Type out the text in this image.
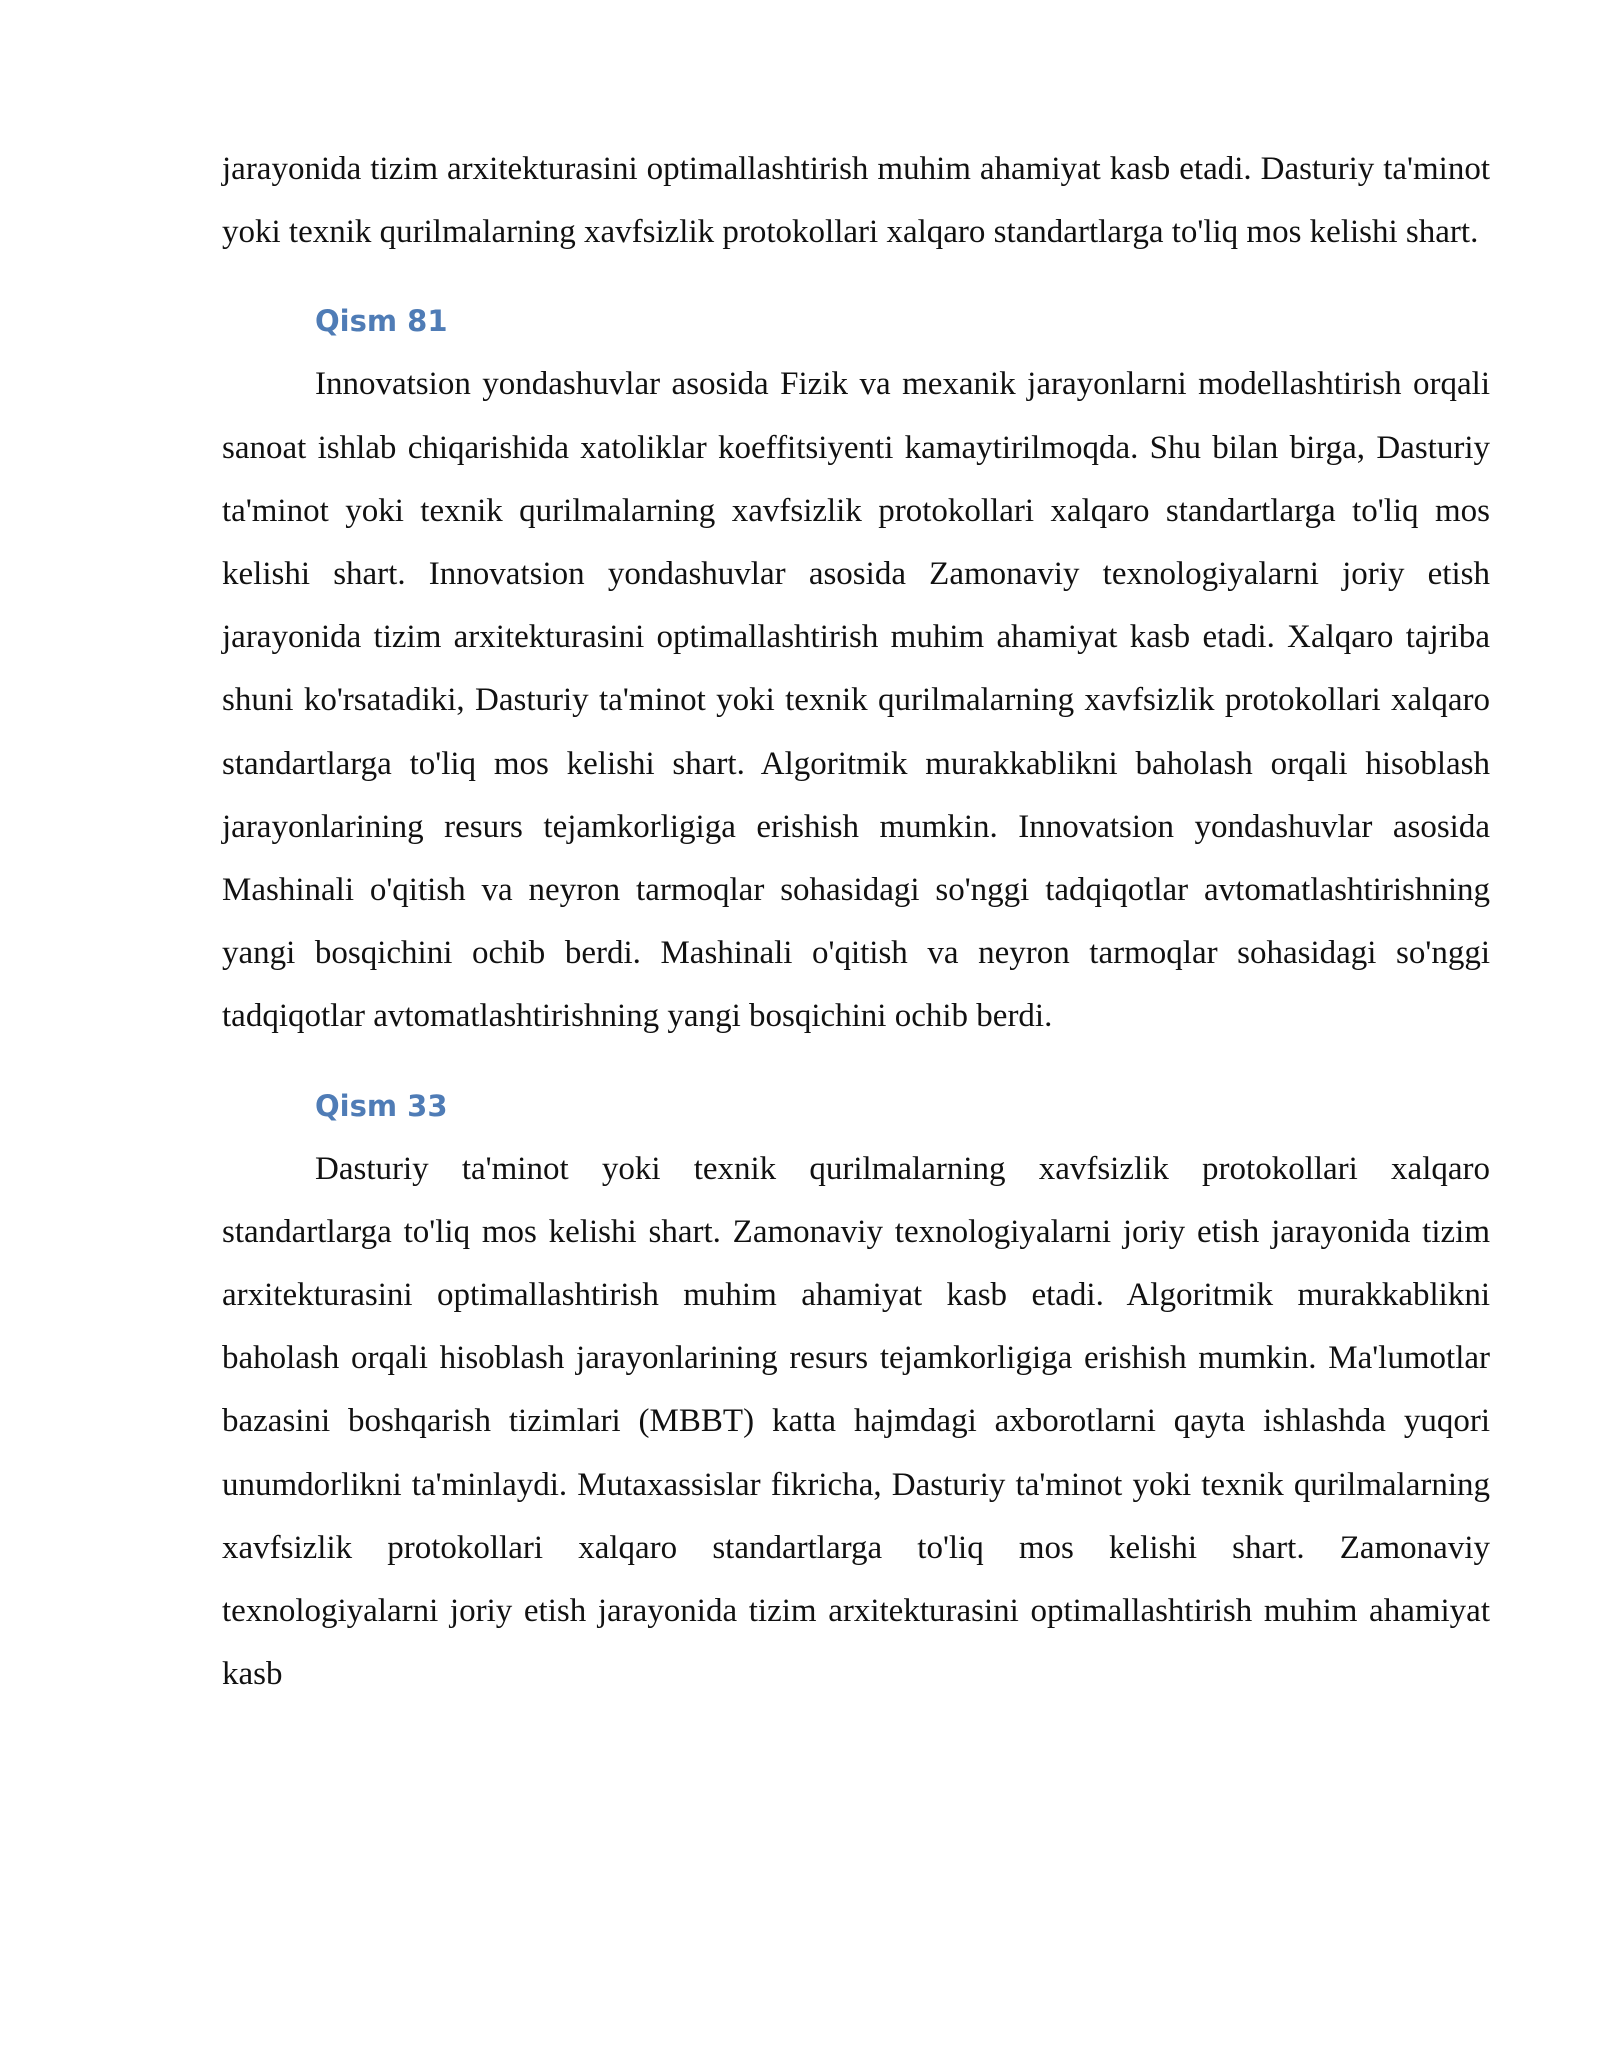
jarayonida tizim arxitekturasini optimallashtirish muhim ahamiyat kasb etadi. Dasturiy ta'minot yoki texnik qurilmalarning xavfsizlik protokollari xalqaro standartlarga to'liq mos kelishi shart.

Qism 81

Innovatsion yondashuvlar asosida Fizik va mexanik jarayonlarni modellashtirish orqali sanoat ishlab chiqarishida xatoliklar koeffitsiyenti kamaytirilmoqda. Shu bilan birga, Dasturiy ta'minot yoki texnik qurilmalarning xavfsizlik protokollari xalqaro standartlarga to'liq mos kelishi shart. Innovatsion yondashuvlar asosida Zamonaviy texnologiyalarni joriy etish jarayonida tizim arxitekturasini optimallashtirish muhim ahamiyat kasb etadi. Xalqaro tajriba shuni ko'rsatadiki, Dasturiy ta'minot yoki texnik qurilmalarning xavfsizlik protokollari xalqaro standartlarga to'liq mos kelishi shart. Algoritmik murakkablikni baholash orqali hisoblash jarayonlarining resurs tejamkorligiga erishish mumkin. Innovatsion yondashuvlar asosida Mashinali o'qitish va neyron tarmoqlar sohasidagi so'nggi tadqiqotlar avtomatlashtirishning yangi bosqichini ochib berdi. Mashinali o'qitish va neyron tarmoqlar sohasidagi so'nggi tadqiqotlar avtomatlashtirishning yangi bosqichini ochib berdi.

Qism 33

Dasturiy ta'minot yoki texnik qurilmalarning xavfsizlik protokollari xalqaro standartlarga to'liq mos kelishi shart. Zamonaviy texnologiyalarni joriy etish jarayonida tizim arxitekturasini optimallashtirish muhim ahamiyat kasb etadi. Algoritmik murakkablikni baholash orqali hisoblash jarayonlarining resurs tejamkorligiga erishish mumkin. Ma'lumotlar bazasini boshqarish tizimlari (MBBT) katta hajmdagi axborotlarni qayta ishlashda yuqori unumdorlikni ta'minlaydi. Mutaxassislar fikricha, Dasturiy ta'minot yoki texnik qurilmalarning xavfsizlik protokollari xalqaro standartlarga to'liq mos kelishi shart. Zamonaviy texnologiyalarni joriy etish jarayonida tizim arxitekturasini optimallashtirish muhim ahamiyat kasb
